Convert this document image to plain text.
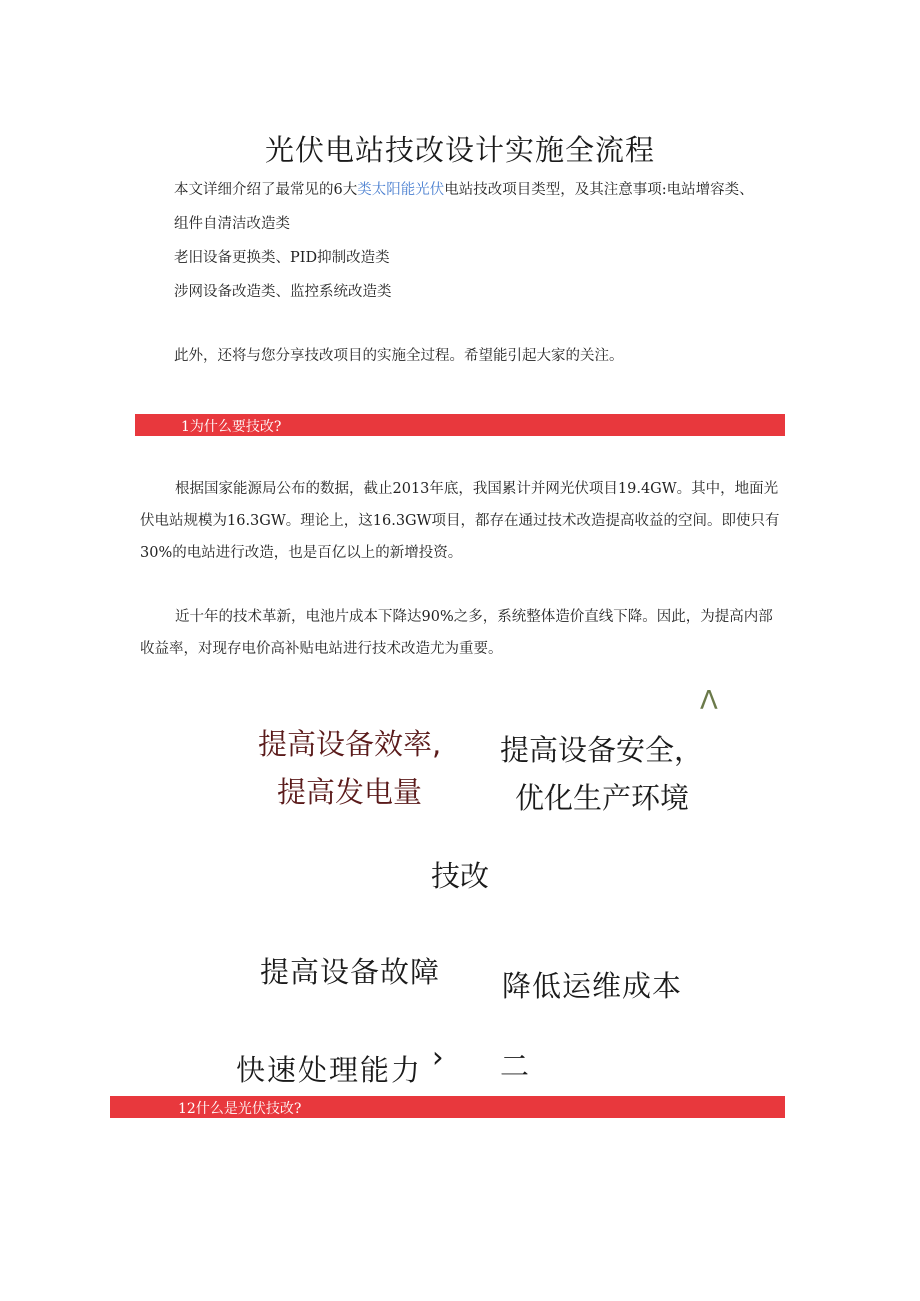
光伏电站技改设计实施全流程
本文详细介绍了最常见的6大类太阳能光伏电站技改项目类型，及其注意事项:电站增容类、
组件自清洁改造类
老旧设备更换类、PID抑制改造类
涉网设备改造类、监控系统改造类
此外，还将与您分享技改项目的实施全过程。希望能引起大家的关注。
1为什么要技改?
根据国家能源局公布的数据，截止2013年底，我国累计并网光伏项目19.4GW。其中，地面光伏电站规模为16.3GW。理论上，这16.3GW项目，都存在通过技术改造提高收益的空间。即使只有30%的电站进行改造，也是百亿以上的新增投资。
近十年的技术革新，电池片成本下降达90%之多，系统整体造价直线下降。因此，为提高内部收益率，对现存电价高补贴电站进行技术改造尤为重要。
Λ
提高设备效率,
提高发电量
提高设备安全，
优化生产环境
技改
提高设备故障 降低运维成本
快速处理能力 › 二
12什么是光伏技改?
